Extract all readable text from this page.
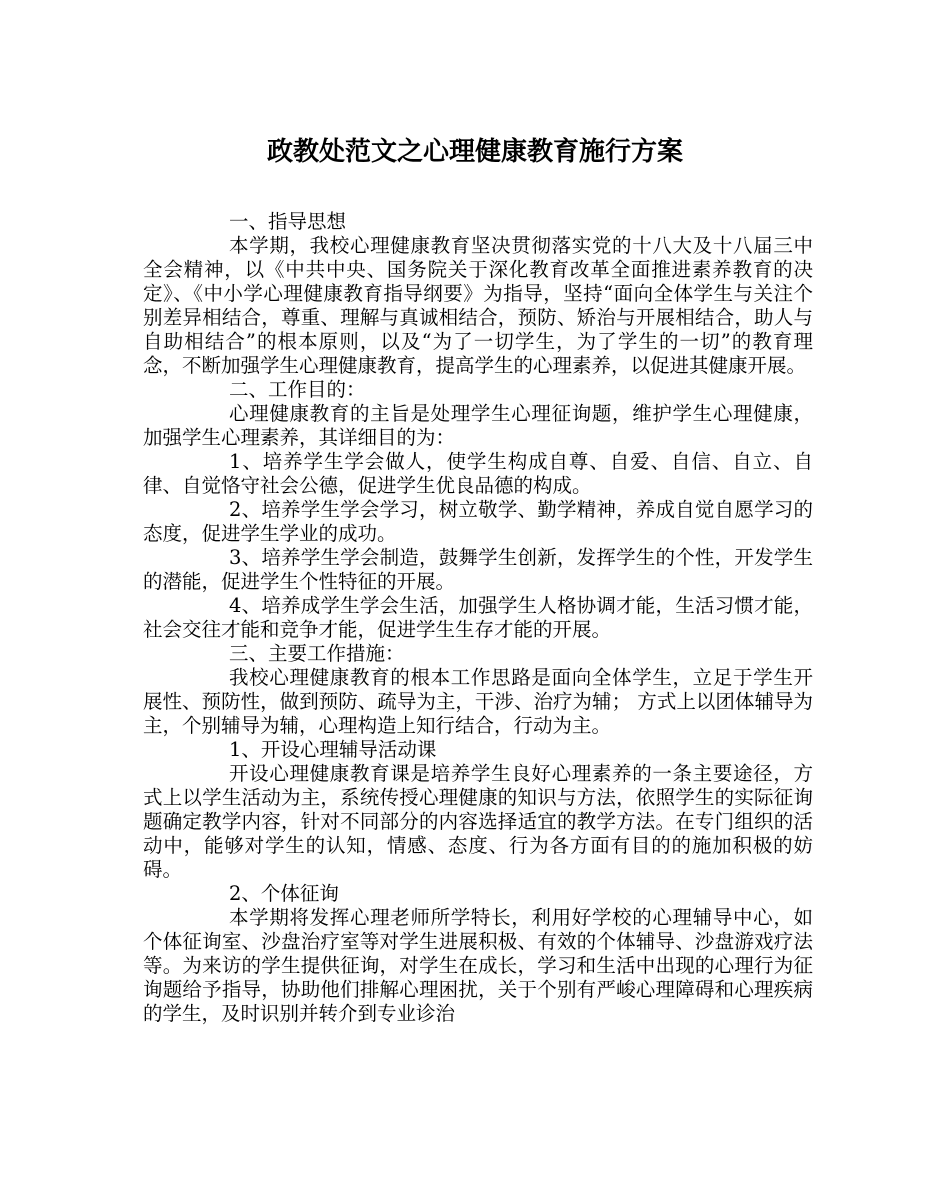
政教处范文之心理健康教育施行方案

一、指导思想

本学期，我校心理健康教育坚决贯彻落实党的十八大及十八届三中全会精神，以《中共中央、国务院关于深化教育改革全面推进素养教育的决定》、《中小学心理健康教育指导纲要》为指导，坚持“面向全体学生与关注个别差异相结合，尊重、理解与真诚相结合，预防、矫治与开展相结合，助人与自助相结合”的根本原则，以及“为了一切学生，为了学生的一切”的教育理念，不断加强学生心理健康教育，提高学生的心理素养，以促进其健康开展。

二、工作目的：

心理健康教育的主旨是处理学生心理征询题，维护学生心理健康，加强学生心理素养，其详细目的为：

1、培养学生学会做人，使学生构成自尊、自爱、自信、自立、自律、自觉恪守社会公德，促进学生优良品德的构成。

2、培养学生学会学习，树立敬学、勤学精神，养成自觉自愿学习的态度，促进学生学业的成功。

3、培养学生学会制造，鼓舞学生创新，发挥学生的个性，开发学生的潜能，促进学生个性特征的开展。

4、培养成学生学会生活，加强学生人格协调才能，生活习惯才能，社会交往才能和竞争才能，促进学生生存才能的开展。

三、主要工作措施：

我校心理健康教育的根本工作思路是面向全体学生，立足于学生开展性、预防性，做到预防、疏导为主，干涉、治疗为辅； 方式上以团体辅导为主，个别辅导为辅，心理构造上知行结合，行动为主。

1、开设心理辅导活动课

开设心理健康教育课是培养学生良好心理素养的一条主要途径，方式上以学生活动为主，系统传授心理健康的知识与方法，依照学生的实际征询题确定教学内容，针对不同部分的内容选择适宜的教学方法。在专门组织的活动中，能够对学生的认知，情感、态度、行为各方面有目的的施加积极的妨碍。

2、个体征询

本学期将发挥心理老师所学特长，利用好学校的心理辅导中心，如个体征询室、沙盘治疗室等对学生进展积极、有效的个体辅导、沙盘游戏疗法等。为来访的学生提供征询，对学生在成长，学习和生活中出现的心理行为征询题给予指导，协助他们排解心理困扰，关于个别有严峻心理障碍和心理疾病的学生，及时识别并转介到专业诊治
